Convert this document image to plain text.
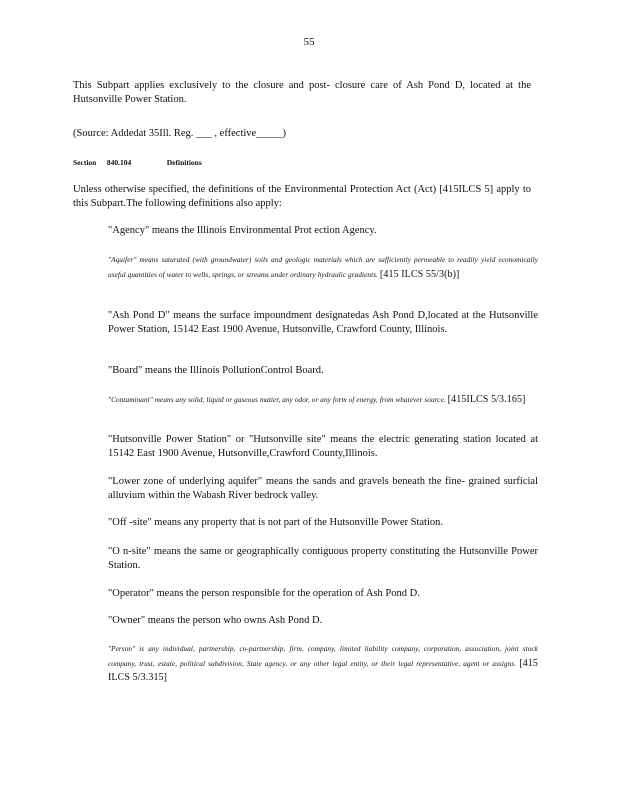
55

This Subpart applies exclusively to the closure and post- closure care of Ash Pond D, located at the Hutsonville Power Station.

(Source: Addedat 35Ill. Reg. ___ , effective_____)

Section 840.104	Definitions

Unless otherwise specified, the definitions of the Environmental Protection Act (Act) [415ILCS 5] apply to this Subpart.The following definitions also apply:

"Agency" means the Illinois Environmental Prot ection Agency.

"Aquifer" means saturated (with groundwater) soils and geologic materials which are sufficiently permeable to readily yield economically useful quantities of water to wells, springs, or streams under ordinary hydraulic gradients. [415 ILCS 55/3(b)]

"Ash Pond D" means the surface impoundment designatedas Ash Pond D,located at the Hutsonville Power Station, 15142 East 1900 Avenue, Hutsonville, Crawford County, Illinois.

"Board" means the Illinois PollutionControl Board.

"Contaminant" means any solid, liquid or gaseous matter, any odor, or any form of energy, from whatever source. [415ILCS 5/3.165]

"Hutsonville Power Station" or "Hutsonville site" means the electric generating station located at 15142 East 1900 Avenue, Hutsonville,Crawford County,Illinois.

"Lower zone of underlying aquifer" means the sands and gravels beneath the fine- grained surficial alluvium within the Wabash River bedrock valley.

"Off -site" means any property that is not part of the Hutsonville Power Station.

"O n-site" means the same or geographically contiguous property constituting the Hutsonville Power Station.

"Operator" means the person responsible for the operation of Ash Pond D.

"Owner" means the person who owns Ash Pond D.

"Person" is any individual, partnership, co-partnership, firm, company, limited liability company, corporation, association, joint stock company, trust, estate, political subdivision, State agency, or any other legal entity, or their legal representative, agent or assigns. [415 ILCS 5/3.315]
